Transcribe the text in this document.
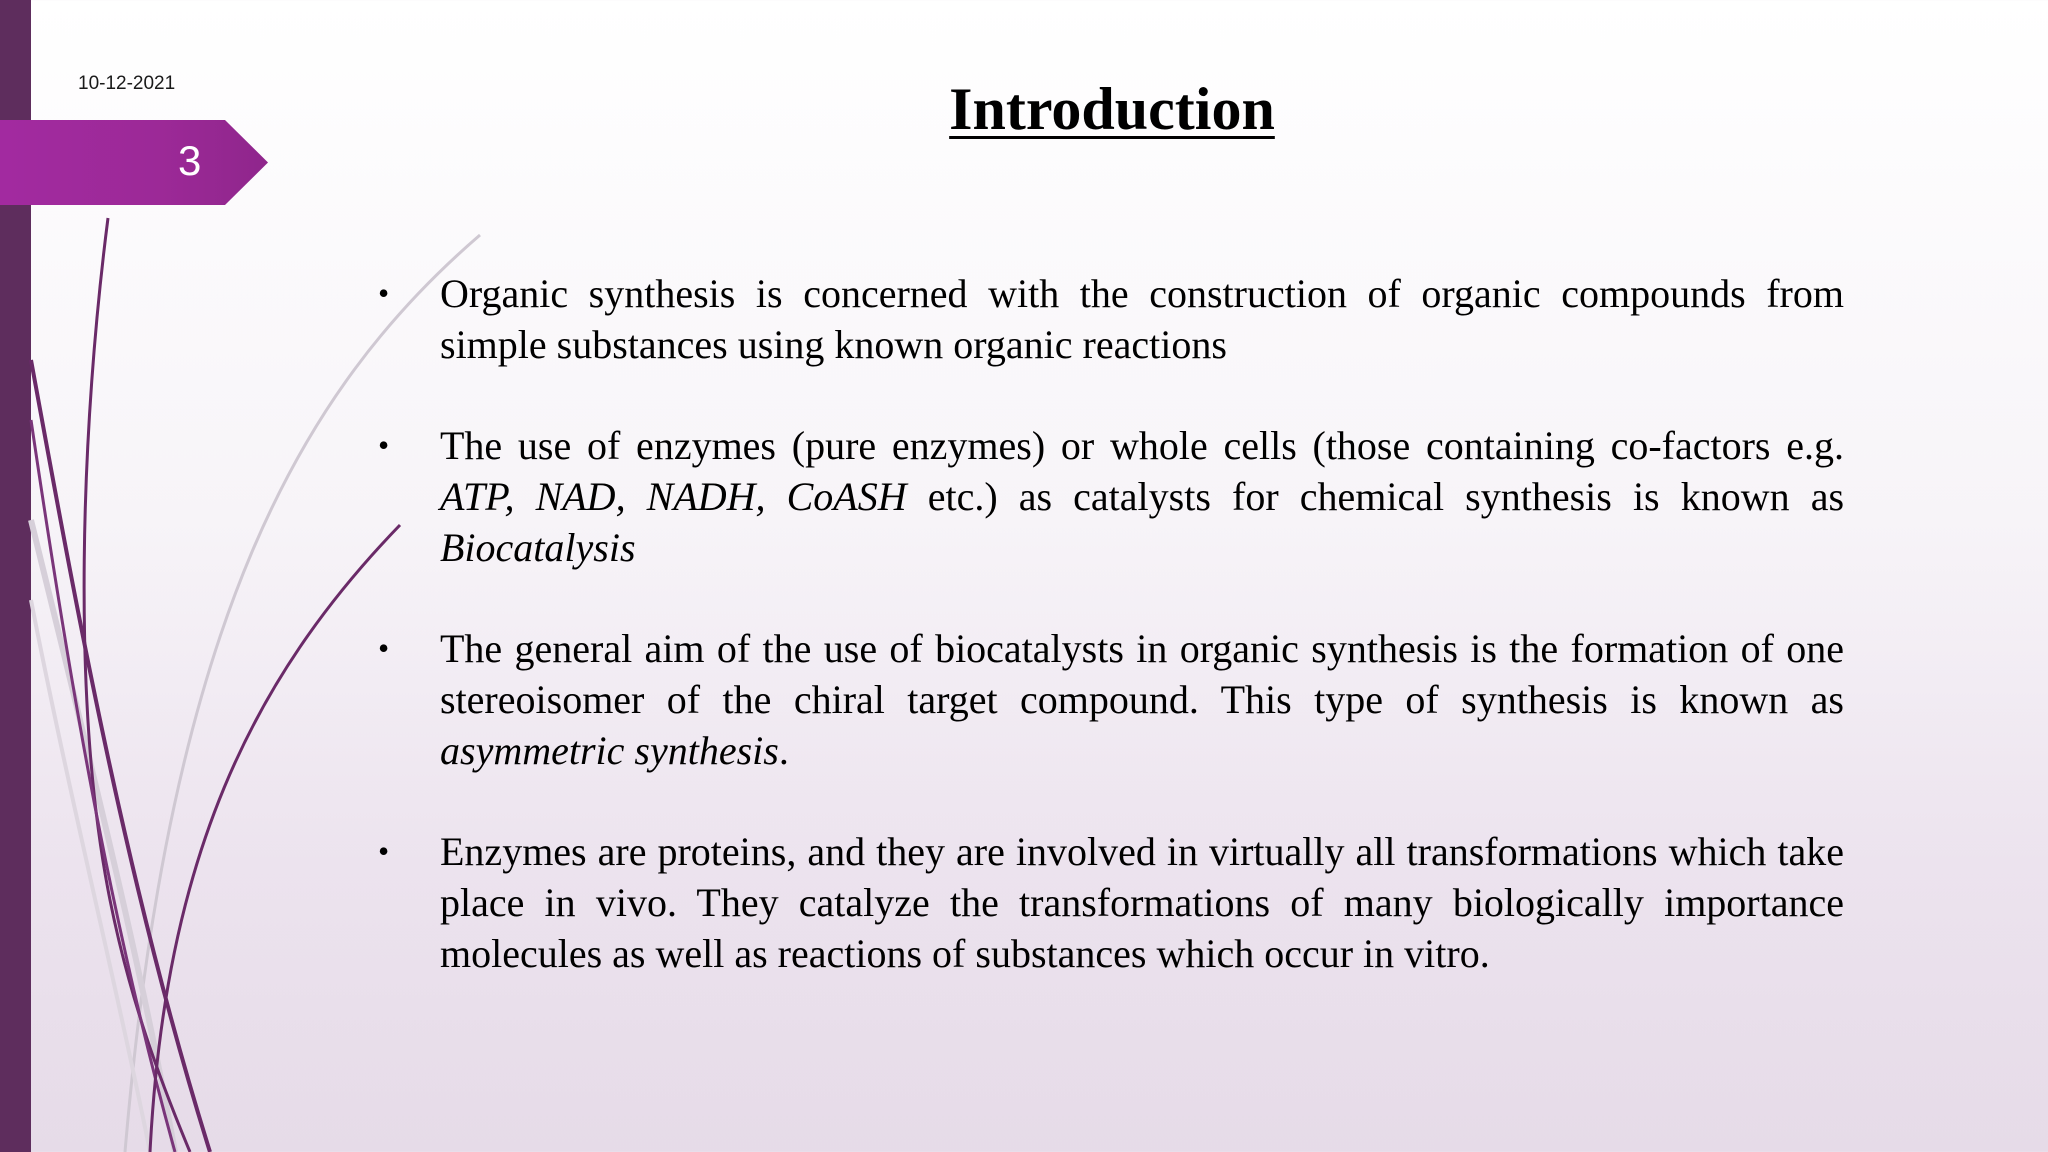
10-12-2021
3
Introduction
• Organic synthesis is concerned with the construction of organic compounds from simple substances using known organic reactions
• The use of enzymes (pure enzymes) or whole cells (those containing co-factors e.g. ATP, NAD, NADH, CoASH etc.) as catalysts for chemical synthesis is known as Biocatalysis
• The general aim of the use of biocatalysts in organic synthesis is the formation of one stereoisomer of the chiral target compound. This type of synthesis is known as asymmetric synthesis.
• Enzymes are proteins, and they are involved in virtually all transformations which take place in vivo. They catalyze the transformations of many biologically importance molecules as well as reactions of substances which occur in vitro.
